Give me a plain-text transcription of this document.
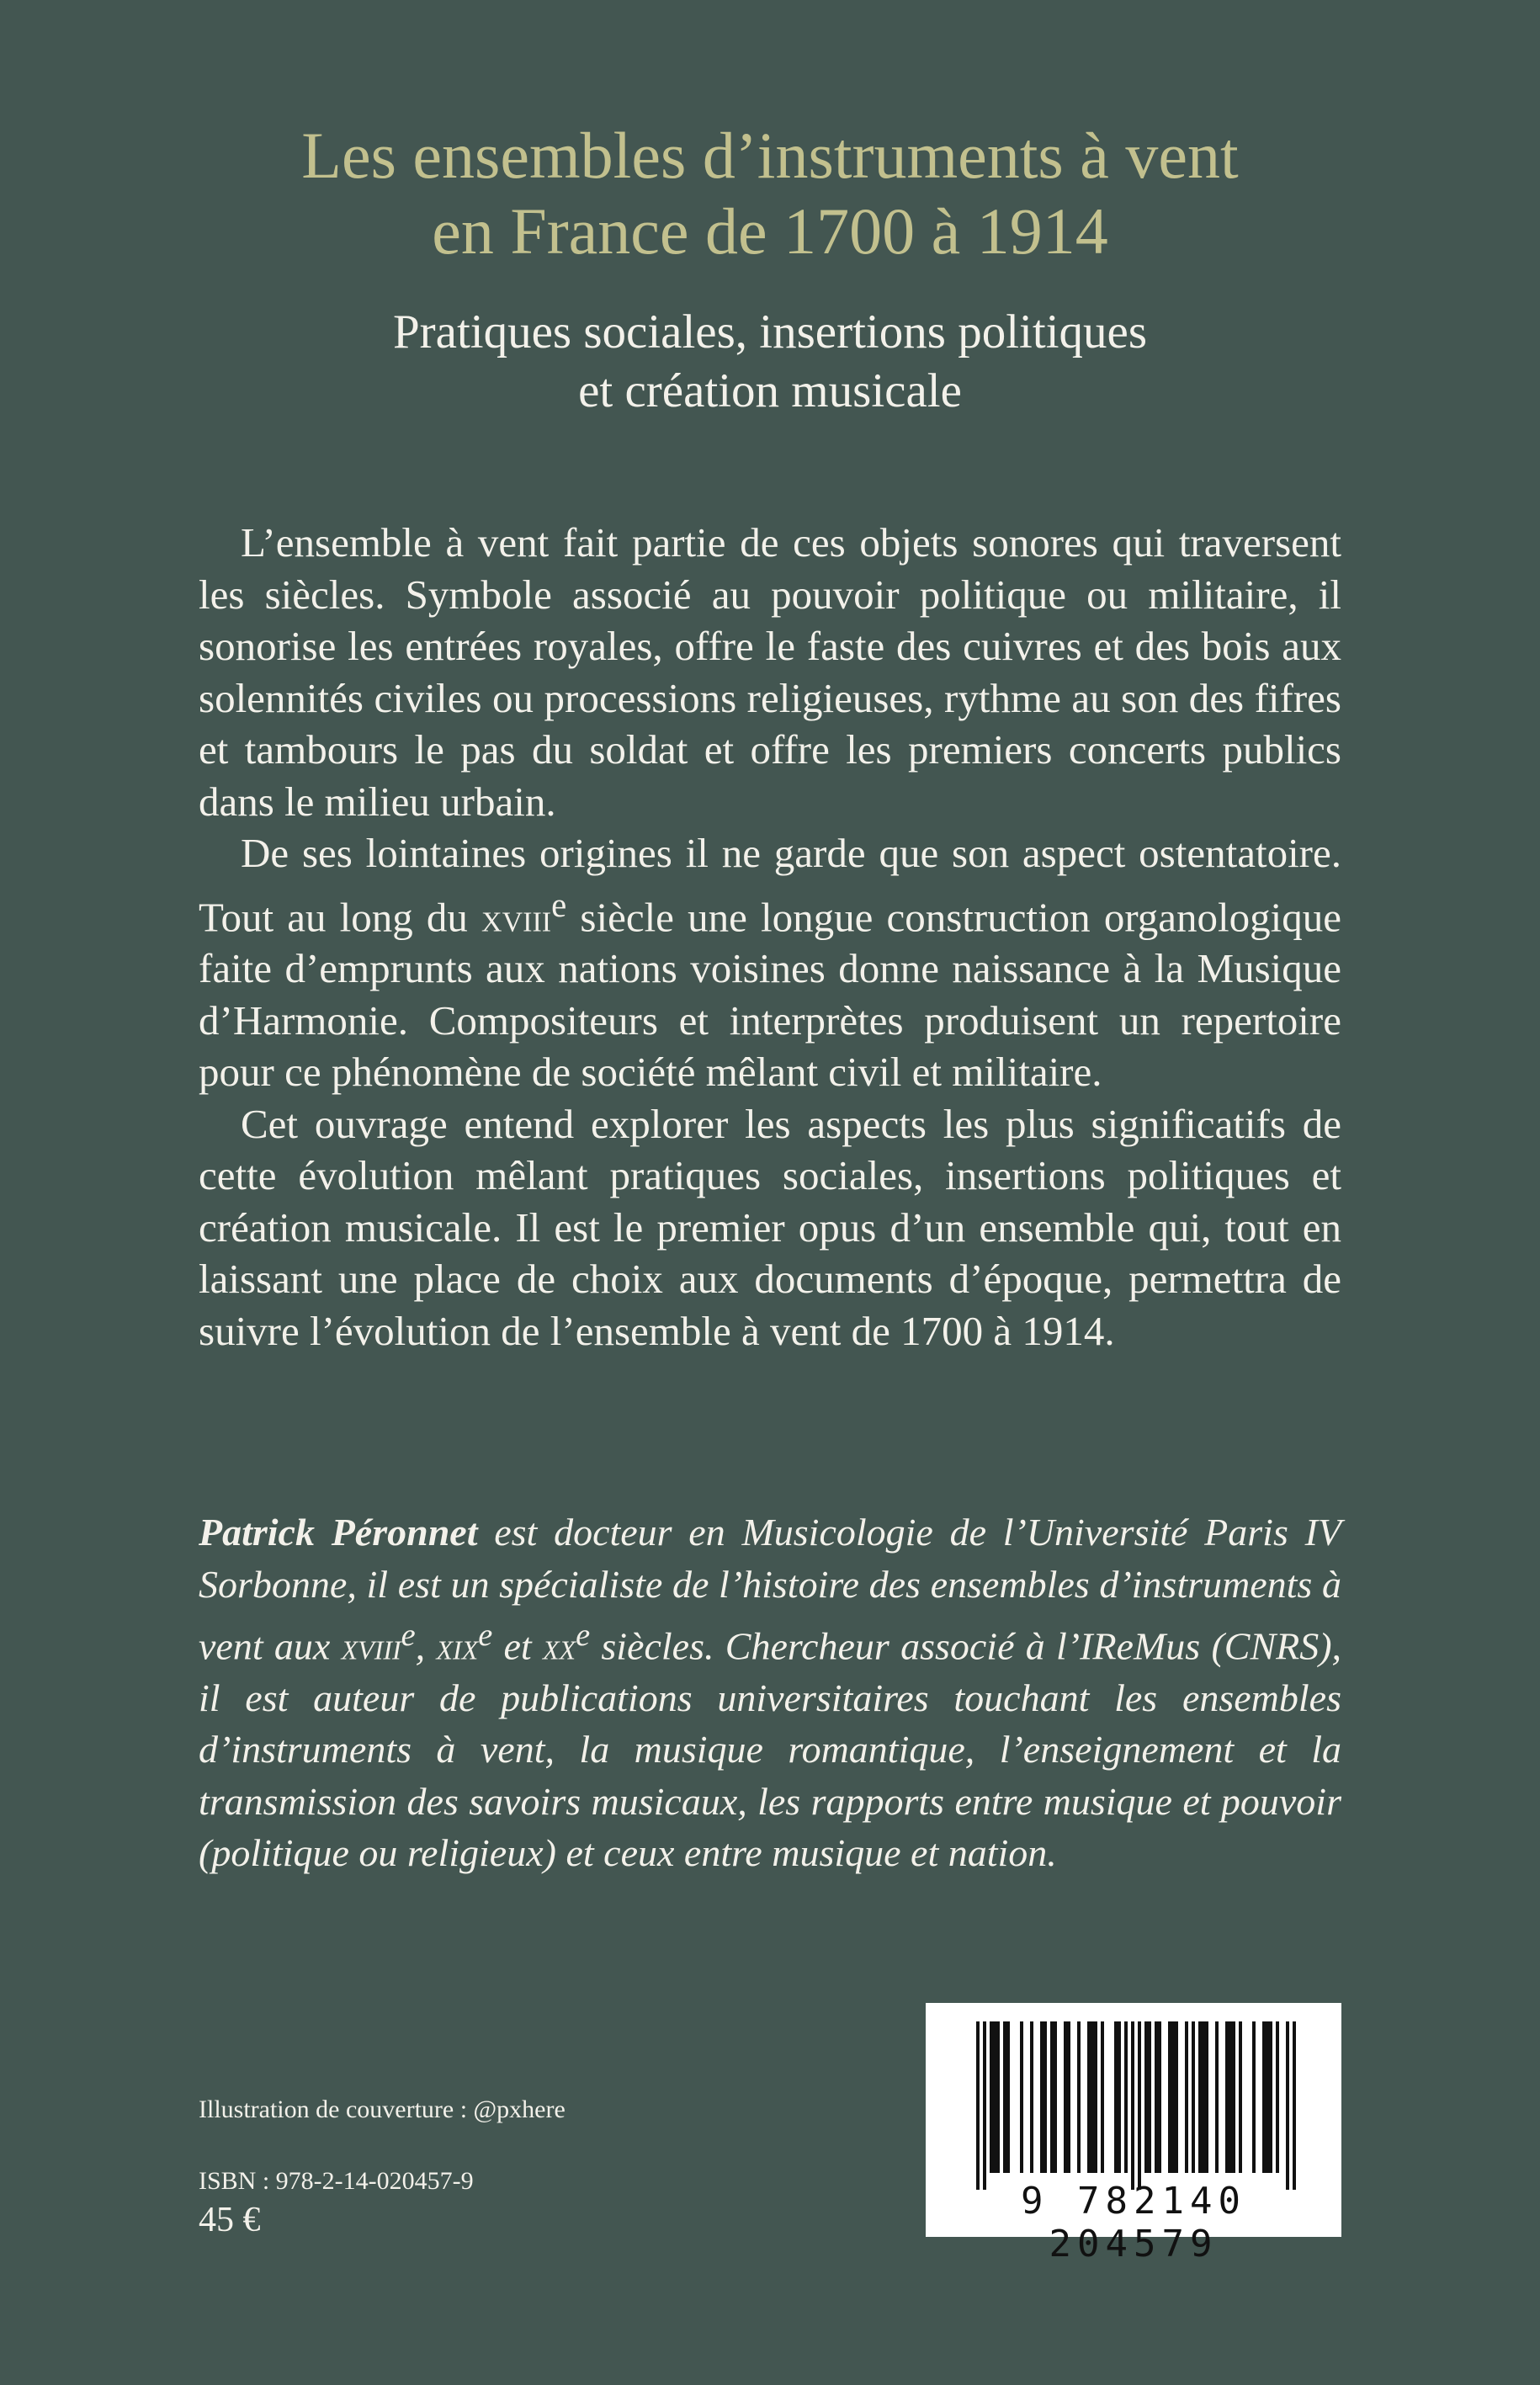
Les ensembles d’instruments à vent
en France de 1700 à 1914
Pratiques sociales, insertions politiques
et création musicale

L’ensemble à vent fait partie de ces objets sonores qui traversent les siècles. Symbole associé au pouvoir politique ou militaire, il sonorise les entrées royales, offre le faste des cuivres et des bois aux solennités civiles ou processions religieuses, rythme au son des fifres et tambours le pas du soldat et offre les premiers concerts publics dans le milieu urbain.

De ses lointaines origines il ne garde que son aspect ostentatoire. Tout au long du xviii$^e$ siècle une longue construction organologique faite d’emprunts aux nations voisines donne naissance à la Musique d’Harmonie. Compositeurs et interprètes produisent un repertoire pour ce phénomène de société mêlant civil et militaire.

Cet ouvrage entend explorer les aspects les plus significatifs de cette évolution mêlant pratiques sociales, insertions politiques et création musicale. Il est le premier opus d’un ensemble qui, tout en laissant une place de choix aux documents d’époque, permettra de suivre l’évolution de l’ensemble à vent de 1700 à 1914.

Patrick Péronnet est docteur en Musicologie de l’Université Paris IV Sorbonne, il est un spécialiste de l’histoire des ensembles d’instruments à vent aux xviii$^e$, xix$^e$ et $xx^e$ siècles. Chercheur associé à l’IReMus (CNRS), il est auteur de publications universitaires touchant les ensembles d’instruments à vent, la musique romantique, l’enseignement et la transmission des savoirs musicaux, les rapports entre musique et pouvoir (politique ou religieux) et ceux entre musique et nation.

Illustration de couverture : @pxhere
ISBN : 978-2-14-020457-9
45 €	9 782140 204579
